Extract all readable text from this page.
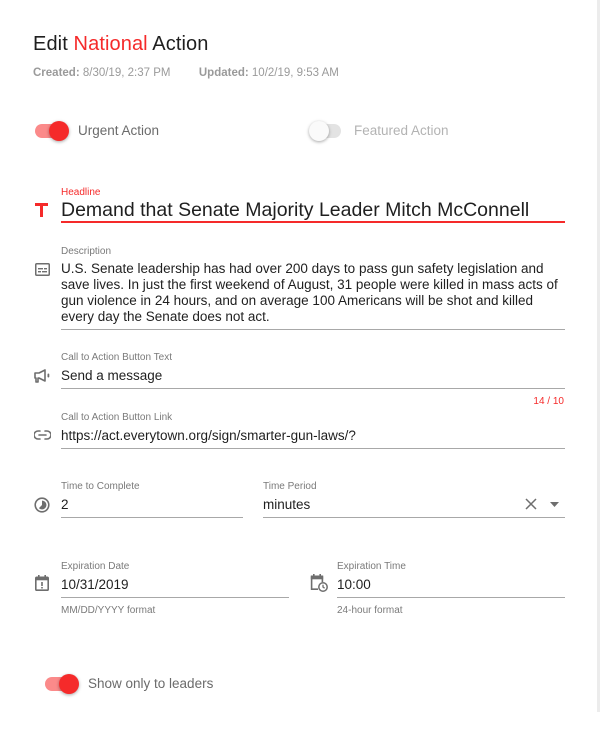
Edit National Action
Created: 8/30/19, 2:37 PM Updated: 10/2/19, 9:53 AM
Urgent Action	Featured Action
Headline
Demand that Senate Majority Leader Mitch McConnell
Description
U.S. Senate leadership has had over 200 days to pass gun safety legislation and save lives. In just the first weekend of August, 31 people were killed in mass acts of gun violence in 24 hours, and on average 100 Americans will be shot and killed every day the Senate does not act.
Call to Action Button Text
Send a message
14 / 10
Call to Action Button Link
https://act.everytown.org/sign/smarter-gun-laws/?
Time to Complete
2
Time Period
minutes
Expiration Date
10/31/2019
MM/DD/YYYY format
Expiration Time
10:00
24-hour format
Show only to leaders
